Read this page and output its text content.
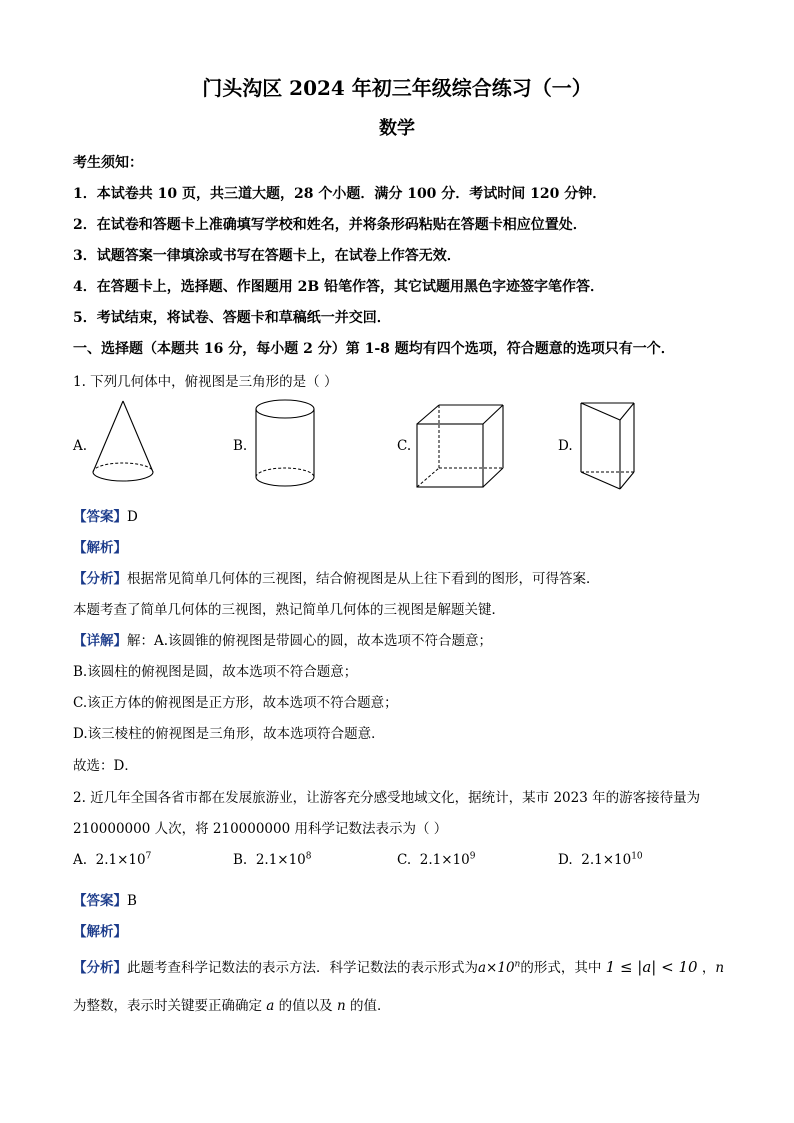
门头沟区 2024 年初三年级综合练习（一）
数学
考生须知：
1．本试卷共 10 页，共三道大题，28 个小题．满分 100 分．考试时间 120 分钟．
2．在试卷和答题卡上准确填写学校和姓名，并将条形码粘贴在答题卡相应位置处．
3．试题答案一律填涂或书写在答题卡上，在试卷上作答无效．
4．在答题卡上，选择题、作图题用 2B 铅笔作答，其它试题用黑色字迹签字笔作答．
5．考试结束，将试卷、答题卡和草稿纸一并交回．
一、选择题（本题共 16 分，每小题 2 分）第 1-8 题均有四个选项，符合题意的选项只有一个．
1. 下列几何体中，俯视图是三角形的是（ ）
A.	B.	C.	D.
【答案】D
【解析】
【分析】根据常见简单几何体的三视图，结合俯视图是从上往下看到的图形，可得答案．
本题考查了简单几何体的三视图，熟记简单几何体的三视图是解题关键．
【详解】解：A.该圆锥的俯视图是带圆心的圆，故本选项不符合题意；
B.该圆柱的俯视图是圆，故本选项不符合题意；
C.该正方体的俯视图是正方形，故本选项不符合题意；
D.该三棱柱的俯视图是三角形，故本选项符合题意．
故选：D．
2. 近几年全国各省市都在发展旅游业，让游客充分感受地域文化，据统计，某市 2023 年的游客接待量为
210000000 人次，将 210000000 用科学记数法表示为（ ）
A. $2.1\times 10^7$	B. $2.1\times 10^8$	C. $2.1\times 10^9$	D. $2.1\times 10^{10}$
【答案】B
【解析】
【分析】此题考查科学记数法的表示方法．科学记数法的表示形式为$a\times 10^n$的形式，其中 1 ≤ |a| < 10 ，n
为整数，表示时关键要正确确定 a 的值以及 n 的值．
